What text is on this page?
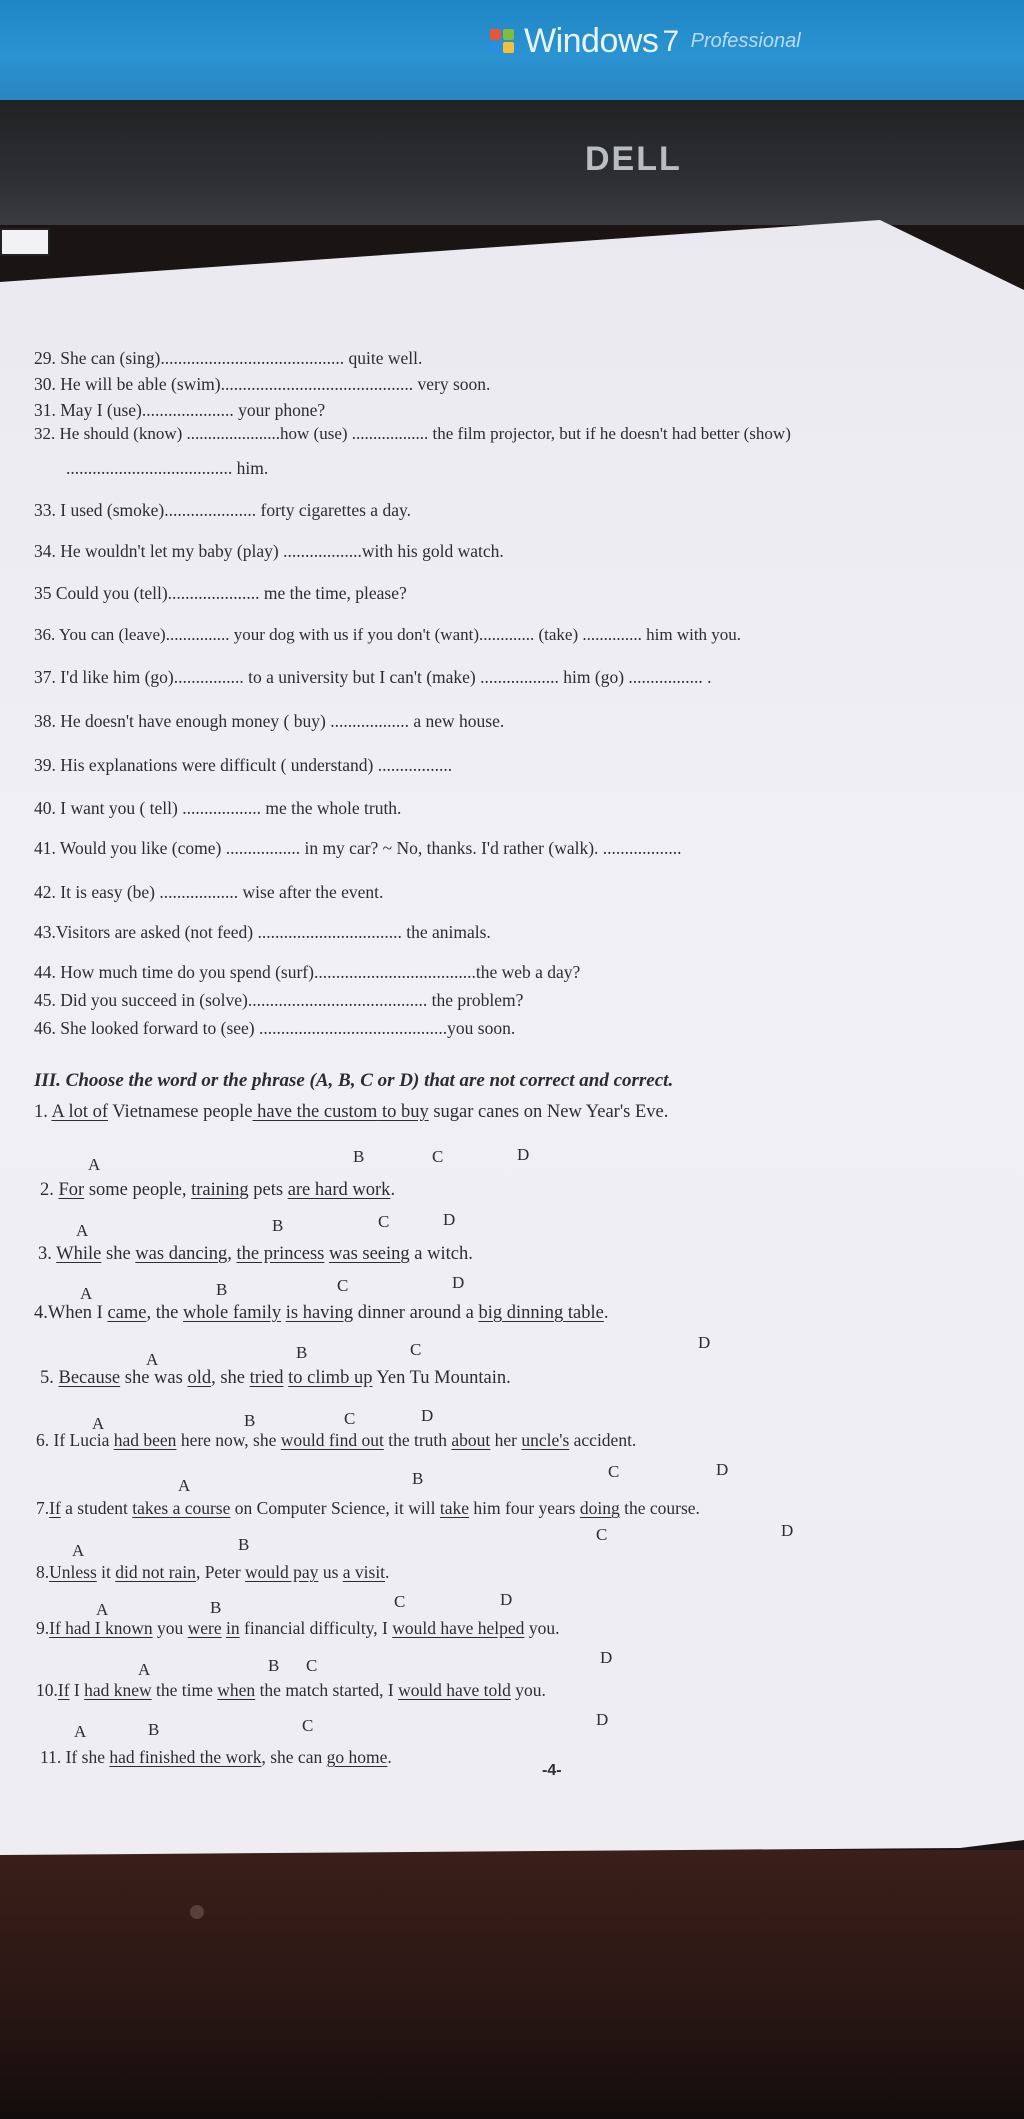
Windows 7 Professional
DELL
29. She can (sing).......................................... quite well.
30. He will be able (swim)............................................ very soon.
31. May I (use)..................... your phone?
32. He should (know) ......................how (use) .................. the film projector, but if he doesn't had better (show)
...................................... him.
33. I used (smoke)..................... forty cigarettes a day.
34. He wouldn't let my baby (play) ..................with his gold watch.
35 Could you (tell)..................... me the time, please?
36. You can (leave)............... your dog with us if you don't (want)............. (take) .............. him with you.
37. I'd like him (go)................ to a university but I can't (make) .................. him (go) ................. .
38. He doesn't have enough money ( buy) .................. a new house.
39. His explanations were difficult ( understand) .................
40. I want you ( tell) .................. me the whole truth.
41. Would you like (come) ................. in my car? ~ No, thanks. I'd rather (walk). ..................
42. It is easy (be) .................. wise after the event.
43.Visitors are asked (not feed) ................................. the animals.
44. How much time do you spend (surf).....................................the web a day?
45. Did you succeed in (solve)......................................... the problem?
46. She looked forward to (see) ...........................................you soon.
III. Choose the word or the phrase (A, B, C or D) that are not correct and correct.
1. A lot of Vietnamese people have the custom to buy sugar canes on New Year's Eve.
A	B	C	D
2. For some people, training pets are hard work.
A	B	C	D
3. While she was dancing, the princess was seeing a witch.
A	B	C	D
4.When I came, the whole family is having dinner around a big dinning table.
A	B	C	D
5. Because she was old, she tried to climb up Yen Tu Mountain.
A	B	C	D
6. If Lucia had been here now, she would find out the truth about her uncle's accident.
A	B	C	D
7.If a student takes a course on Computer Science, it will take him four years doing the course.
A	B
C	D
8.Unless it did not rain, Peter would pay us a visit.
A	B	C	D
9.If had I known you were in financial difficulty, I would have helped you.
A	B C	D
10.If I had knew the time when the match started, I would have told you.
A	B	C	D
11. If she had finished the work, she can go home.
-4-
